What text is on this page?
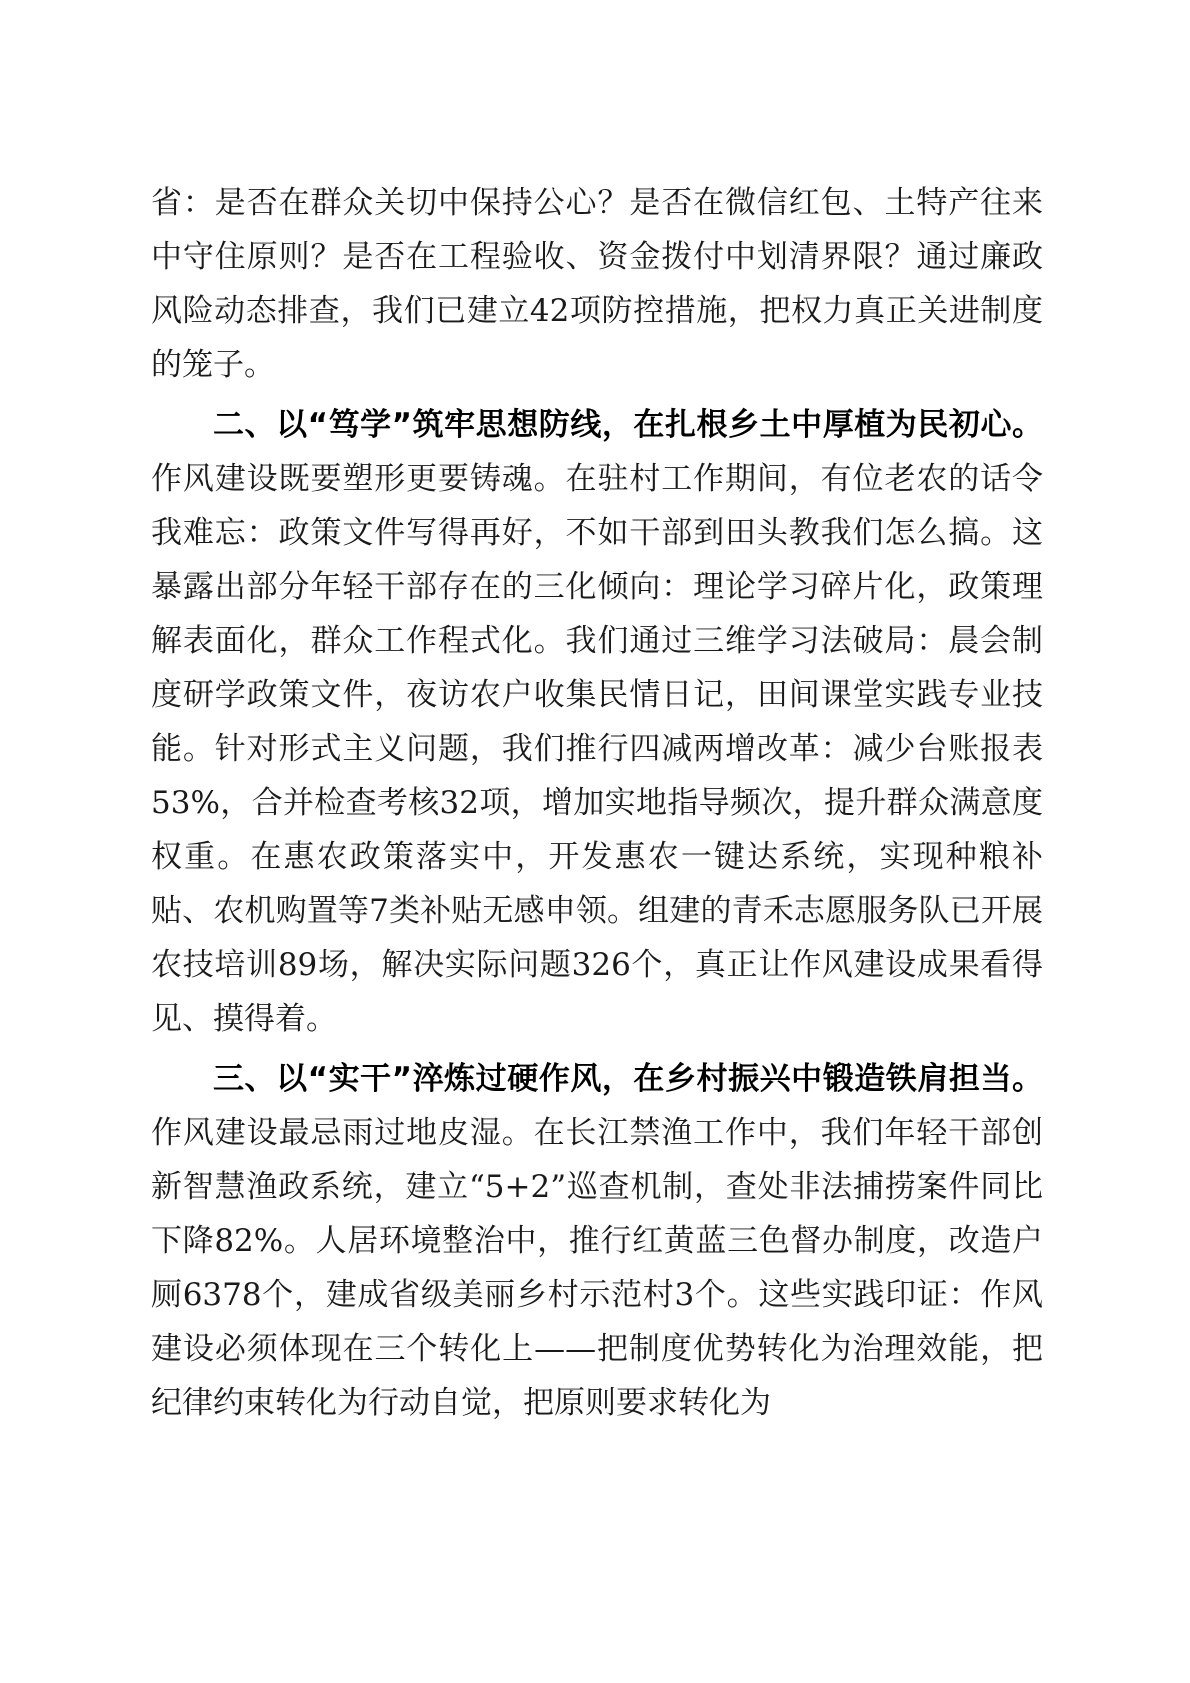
省：是否在群众关切中保持公心？是否在微信红包、土特产往来中守住原则？是否在工程验收、资金拨付中划清界限？通过廉政风险动态排查，我们已建立42项防控措施，把权力真正关进制度的笼子。

二、以“笃学”筑牢思想防线，在扎根乡土中厚植为民初心。作风建设既要塑形更要铸魂。在驻村工作期间，有位老农的话令我难忘：政策文件写得再好，不如干部到田头教我们怎么搞。这暴露出部分年轻干部存在的三化倾向：理论学习碎片化，政策理解表面化，群众工作程式化。我们通过三维学习法破局：晨会制度研学政策文件，夜访农户收集民情日记，田间课堂实践专业技能。针对形式主义问题，我们推行四减两增改革：减少台账报表53%，合并检查考核32项，增加实地指导频次，提升群众满意度权重。在惠农政策落实中，开发惠农一键达系统，实现种粮补贴、农机购置等7类补贴无感申领。组建的青禾志愿服务队已开展农技培训89场，解决实际问题326个，真正让作风建设成果看得见、摸得着。

三、以“实干”淬炼过硬作风，在乡村振兴中锻造铁肩担当。作风建设最忌雨过地皮湿。在长江禁渔工作中，我们年轻干部创新智慧渔政系统，建立“5+2”巡查机制，查处非法捕捞案件同比下降82%。人居环境整治中，推行红黄蓝三色督办制度，改造户厕6378个，建成省级美丽乡村示范村3个。这些实践印证：作风建设必须体现在三个转化上——把制度优势转化为治理效能，把纪律约束转化为行动自觉，把原则要求转化为
